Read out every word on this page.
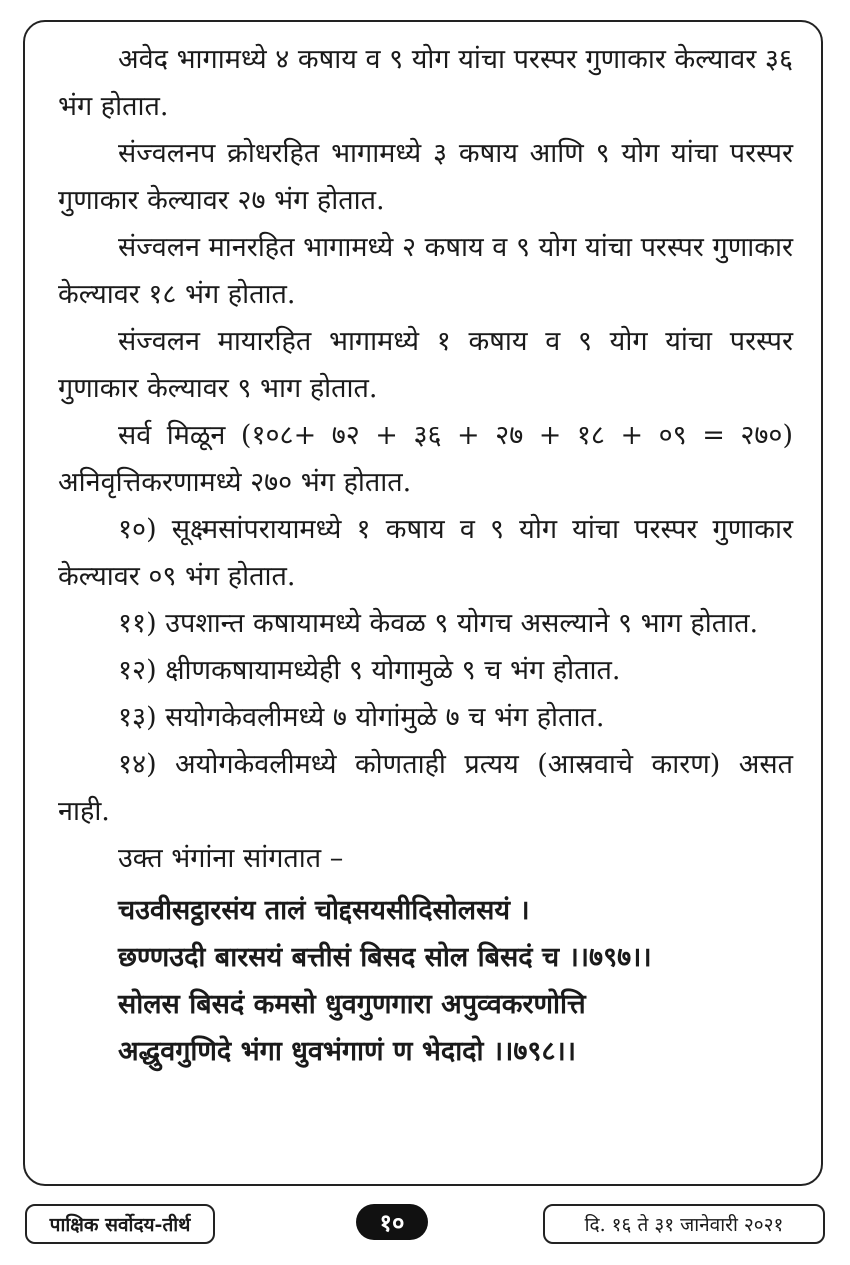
अवेद भागामध्ये ४ कषाय व ९ योग यांचा परस्पर गुणाकार केल्यावर ३६ भंग होतात.

संज्वलनप क्रोधरहित भागामध्ये ३ कषाय आणि ९ योग यांचा परस्पर गुणाकार केल्यावर २७ भंग होतात.

संज्वलन मानरहित भागामध्ये २ कषाय व ९ योग यांचा परस्पर गुणाकार केल्यावर १८ भंग होतात.

संज्वलन मायारहित भागामध्ये १ कषाय व ९ योग यांचा परस्पर गुणाकार केल्यावर ९ भाग होतात.

सर्व मिळून (१०८+ ७२ + ३६ + २७ + १८ + ०९ = २७०) अनिवृत्तिकरणामध्ये २७० भंग होतात.

१०) सूक्ष्मसांपरायामध्ये १ कषाय व ९ योग यांचा परस्पर गुणाकार केल्यावर ०९ भंग होतात.

११) उपशान्त कषायामध्ये केवळ ९ योगच असल्याने ९ भाग होतात.

१२) क्षीणकषायामध्येही ९ योगामुळे ९ च भंग होतात.

१३) सयोगकेवलीमध्ये ७ योगांमुळे ७ च भंग होतात.

१४) अयोगकेवलीमध्ये कोणताही प्रत्यय (आस्रवाचे कारण) असत नाही.

उक्त भंगांना सांगतात –

चउवीसट्ठारसंय तालं चोद्दसयसीदिसोलसयं ।

छण्णउदी बारसयं बत्तीसं बिसद सोल बिसदं च ।।७९७।।

सोलस बिसदं कमसो धुवगुणगारा अपुव्वकरणोत्ति

अद्धुवगुणिदे भंगा धुवभंगाणं ण भेदादो ।।७९८।।

पाक्षिक सर्वोदय-तीर्थ	१०	दि. १६ ते ३१ जानेवारी २०२१
